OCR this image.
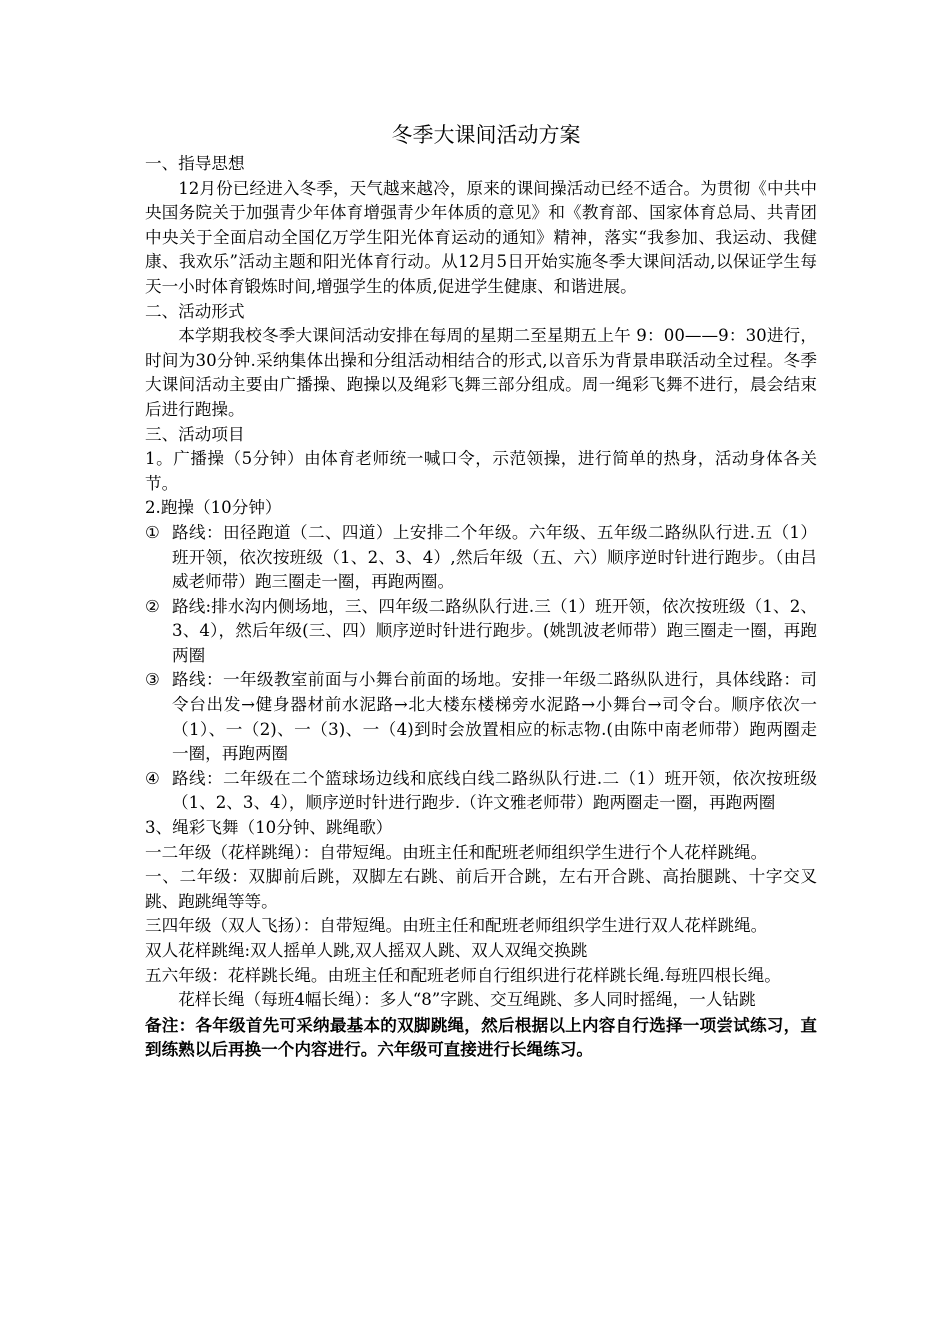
冬季大课间活动方案

一、指导思想

12月份已经进入冬季，天气越来越冷，原来的课间操活动已经不适合。为贯彻《中共中央国务院关于加强青少年体育增强青少年体质的意见》和《教育部、国家体育总局、共青团中央关于全面启动全国亿万学生阳光体育运动的通知》精神，落实“我参加、我运动、我健康、我欢乐”活动主题和阳光体育行动。从12月5日开始实施冬季大课间活动,以保证学生每天一小时体育锻炼时间,增强学生的体质,促进学生健康、和谐进展。

二、活动形式

本学期我校冬季大课间活动安排在每周的星期二至星期五上午 9：00——9：30进行，时间为30分钟.采纳集体出操和分组活动相结合的形式,以音乐为背景串联活动全过程。冬季大课间活动主要由广播操、跑操以及绳彩飞舞三部分组成。周一绳彩飞舞不进行，晨会结束后进行跑操。

三、活动项目

1。广播操（5分钟）由体育老师统一喊口令，示范领操，进行简单的热身，活动身体各关节。

2.跑操（10分钟）

① 路线：田径跑道（二、四道）上安排二个年级。六年级、五年级二路纵队行进.五（1）班开领，依次按班级（1、2、3、4）,然后年级（五、六）顺序逆时针进行跑步。（由吕威老师带）跑三圈走一圈，再跑两圈。
② 路线:排水沟内侧场地，三、四年级二路纵队行进.三（1）班开领，依次按班级（1、2、3、4），然后年级(三、四）顺序逆时针进行跑步。(姚凯波老师带）跑三圈走一圈，再跑两圈
③ 路线：一年级教室前面与小舞台前面的场地。安排一年级二路纵队进行，具体线路：司令台出发→健身器材前水泥路→北大楼东楼梯旁水泥路→小舞台→司令台。顺序依次一（1）、一（2)、一（3)、一（4)到时会放置相应的标志物.(由陈中南老师带）跑两圈走一圈，再跑两圈
④ 路线：二年级在二个篮球场边线和底线白线二路纵队行进.二（1）班开领，依次按班级（1、2、3、4），顺序逆时针进行跑步.（许文雅老师带）跑两圈走一圈，再跑两圈

3、绳彩飞舞（10分钟、跳绳歌）

一二年级（花样跳绳）：自带短绳。由班主任和配班老师组织学生进行个人花样跳绳。

一、二年级：双脚前后跳，双脚左右跳、前后开合跳，左右开合跳、高抬腿跳、十字交叉跳、跑跳绳等等。

三四年级（双人飞扬）：自带短绳。由班主任和配班老师组织学生进行双人花样跳绳。

双人花样跳绳:双人摇单人跳,双人摇双人跳、双人双绳交换跳

五六年级：花样跳长绳。由班主任和配班老师自行组织进行花样跳长绳.每班四根长绳。

花样长绳（每班4幅长绳）：多人“8”字跳、交互绳跳、多人同时摇绳，一人钻跳

备注：各年级首先可采纳最基本的双脚跳绳，然后根据以上内容自行选择一项尝试练习，直到练熟以后再换一个内容进行。六年级可直接进行长绳练习。
